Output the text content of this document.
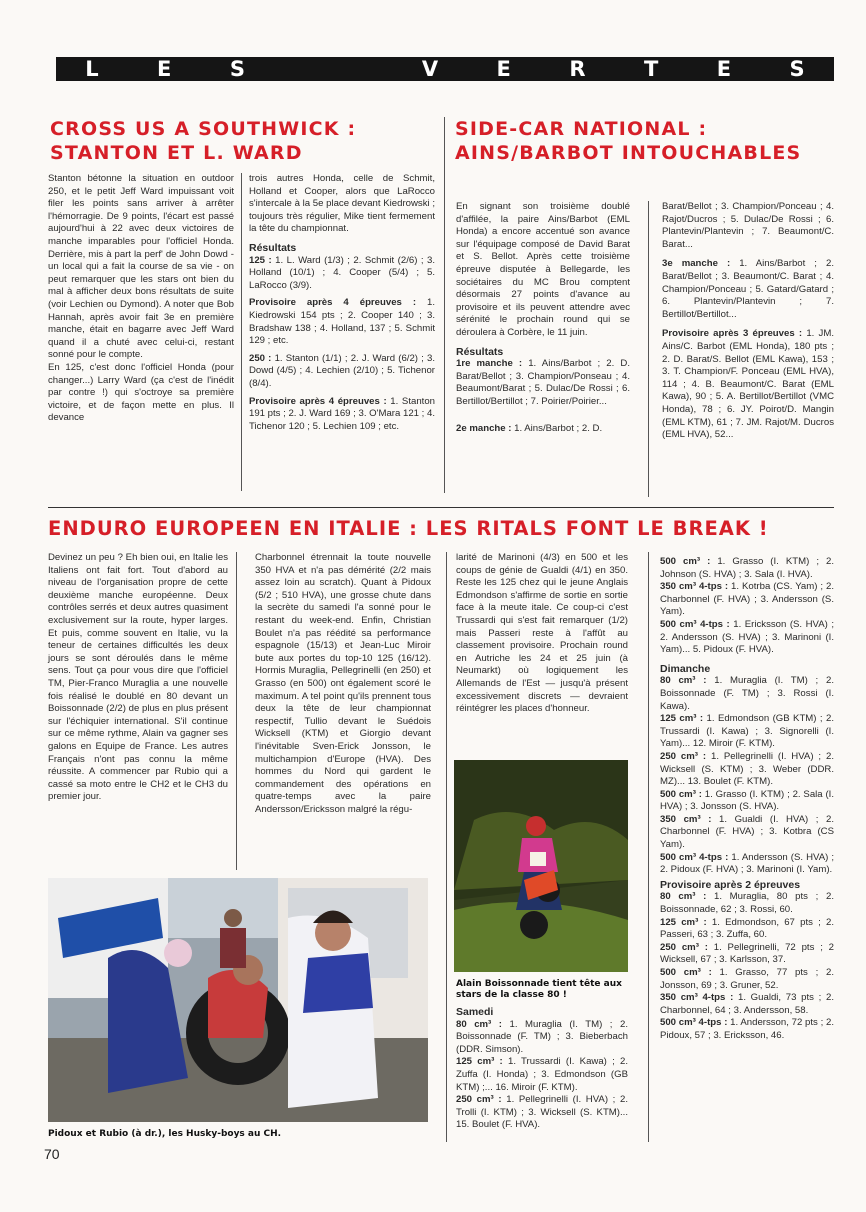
L	E	S	V	E	R	T	E	S

CROSS US A SOUTHWICK :

STANTON ET L. WARD

Stanton bétonne la situation en outdoor 250, et le petit Jeff Ward impuissant voit filer les points sans arriver à arrêter l'hémorragie. De 9 points, l'écart est passé aujourd'hui à 22 avec deux victoires de manche imparables pour l'officiel Honda. Derrière, mis à part la perf' de John Dowd - un local qui a fait la course de sa vie - on peut remarquer que les stars ont bien du mal à afficher deux bons résultats de suite (voir Lechien ou Dymond). A noter que Bob Hannah, après avoir fait 3e en première manche, était en bagarre avec Jeff Ward quand il a chuté avec celui-ci, restant sonné pour le compte.

En 125, c'est donc l'officiel Honda (pour changer...) Larry Ward (ça c'est de l'inédit par contre !) qui s'octroye sa première victoire, et de façon mette en plus. Il devance

trois autres Honda, celle de Schmit, Holland et Cooper, alors que LaRocco s'intercale à la 5e place devant Kiedrowski ; toujours très régulier, Mike tient fermement la tête du championnat.

Résultats

125 : 1. L. Ward (1/3) ; 2. Schmit (2/6) ; 3. Holland (10/1) ; 4. Cooper (5/4) ; 5. LaRocco (3/9).

Provisoire après 4 épreuves : 1. Kiedrowski 154 pts ; 2. Cooper 140 ; 3. Bradshaw 138 ; 4. Holland, 137 ; 5. Schmit 129 ; etc.

250 : 1. Stanton (1/1) ; 2. J. Ward (6/2) ; 3. Dowd (4/5) ; 4. Lechien (2/10) ; 5. Tichenor (8/4).

Provisoire après 4 épreuves : 1. Stanton 191 pts ; 2. J. Ward 169 ; 3. O'Mara 121 ; 4. Tichenor 120 ; 5. Lechien 109 ; etc.

SIDE-CAR NATIONAL :

AINS/BARBOT INTOUCHABLES

En signant son troisième doublé d'affilée, la paire Ains/Barbot (EML Honda) a encore accentué son avance sur l'équipage composé de David Barat et S. Bellot. Après cette troisième épreuve disputée à Bellegarde, les sociétaires du MC Brou comptent désormais 27 points d'avance au provisoire et ils peuvent attendre avec sérénité le prochain round qui se déroulera à Corbère, le 11 juin.

Résultats

1re manche : 1. Ains/Barbot ; 2. D. Barat/Bellot ; 3. Champion/Ponseau ; 4. Beaumont/Barat ; 5. Dulac/De Rossi ; 6. Bertillot/Bertillot ; 7. Poirier/Poirier...

2e manche : 1. Ains/Barbot ; 2. D.

Barat/Bellot ; 3. Champion/Ponceau ; 4. Rajot/Ducros ; 5. Dulac/De Rossi ; 6. Plantevin/Plantevin ; 7. Beaumont/C. Barat...

3e manche : 1. Ains/Barbot ; 2. Barat/Bellot ; 3. Beaumont/C. Barat ; 4. Champion/Ponceau ; 5. Gatard/Gatard ; 6. Plantevin/Plantevin ; 7. Bertillot/Bertillot...

Provisoire après 3 épreuves : 1. JM. Ains/C. Barbot (EML Honda), 180 pts ; 2. D. Barat/S. Bellot (EML Kawa), 153 ; 3. T. Champion/F. Ponceau (EML HVA), 114 ; 4. B. Beaumont/C. Barat (EML Kawa), 90 ; 5. A. Bertillot/Bertillot (VMC Honda), 78 ; 6. JY. Poirot/D. Mangin (EML KTM), 61 ; 7. JM. Rajot/M. Ducros (EML HVA), 52...

ENDURO EUROPEEN EN ITALIE : LES RITALS FONT LE BREAK !

Devinez un peu ? Eh bien oui, en Italie les Italiens ont fait fort. Tout d'abord au niveau de l'organisation propre de cette deuxième manche européenne. Deux contrôles serrés et deux autres quasiment exclusivement sur la route, hyper larges. Et puis, comme souvent en Italie, vu la teneur de certaines difficultés les deux jours se sont déroulés dans le même sens. Tout ça pour vous dire que l'officiel TM, Pier-Franco Muraglia a une nouvelle fois réalisé le doublé en 80 devant un Boissonnade (2/2) de plus en plus présent sur l'échiquier international. S'il continue sur ce même rythme, Alain va gagner ses galons en Equipe de France. Les autres Français n'ont pas connu la même réussite. A commencer par Rubio qui a cassé sa moto entre le CH2 et le CH3 du premier jour.

Charbonnel étrennait la toute nouvelle 350 HVA et n'a pas démérité (2/2 mais assez loin au scratch). Quant à Pidoux (5/2 ; 510 HVA), une grosse chute dans la secrète du samedi l'a sonné pour le restant du week-end. Enfin, Christian Boulet n'a pas réédité sa performance espagnole (15/13) et Jean-Luc Miroir bute aux portes du top-10 125 (16/12). Hormis Muraglia, Pellegrinelli (en 250) et Grasso (en 500) ont également scoré le maximum. A tel point qu'ils prennent tous deux la tête de leur championnat respectif, Tullio devant le Suédois Wicksell (KTM) et Giorgio devant l'inévitable Sven-Erick Jonsson, le multichampion d'Europe (HVA). Des hommes du Nord qui gardent le commandement des opérations en quatre-temps avec la paire Andersson/Ericksson malgré la régu-

larité de Marinoni (4/3) en 500 et les coups de génie de Gualdi (4/1) en 350. Reste les 125 chez qui le jeune Anglais Edmondson s'affirme de sortie en sortie face à la meute itale. Ce coup-ci c'est Trussardi qui s'est fait remarquer (1/2) mais Passeri reste à l'affût au classement provisoire. Prochain round en Autriche les 24 et 25 juin (à Neumarkt) où logiquement les Allemands de l'Est — jusqu'à présent excessivement discrets — devraient réintégrer les places d'honneur.

Pidoux et Rubio (à dr.), les Husky-boys au CH.
Alain Boissonnade tient tête aux stars de la classe 80 !

Samedi

80 cm³ : 1. Muraglia (I. TM) ; 2. Boissonnade (F. TM) ; 3. Bieberbach (DDR. Simson).

125 cm³ : 1. Trussardi (I. Kawa) ; 2. Zuffa (I. Honda) ; 3. Edmondson (GB KTM) ;... 16. Miroir (F. KTM).

250 cm³ : 1. Pellegrinelli (I. HVA) ; 2. Trolli (I. KTM) ; 3. Wicksell (S. KTM)... 15. Boulet (F. HVA).

500 cm³ : 1. Grasso (I. KTM) ; 2. Johnson (S. HVA) ; 3. Sala (I. HVA).

350 cm³ 4-tps : 1. Kotrba (CS. Yam) ; 2. Charbonnel (F. HVA) ; 3. Andersson (S. Yam).

500 cm³ 4-tps : 1. Ericksson (S. HVA) ; 2. Andersson (S. HVA) ; 3. Marinoni (I. Yam)... 5. Pidoux (F. HVA).

Dimanche

80 cm³ : 1. Muraglia (I. TM) ; 2. Boissonnade (F. TM) ; 3. Rossi (I. Kawa).

125 cm³ : 1. Edmondson (GB KTM) ; 2. Trussardi (I. Kawa) ; 3. Signorelli (I. Yam)... 12. Miroir (F. KTM).

250 cm³ : 1. Pellegrinelli (I. HVA) ; 2. Wicksell (S. KTM) ; 3. Weber (DDR. MZ)... 13. Boulet (F. KTM).

500 cm³ : 1. Grasso (I. KTM) ; 2. Sala (I. HVA) ; 3. Jonsson (S. HVA).

350 cm³ : 1. Gualdi (I. HVA) ; 2. Charbonnel (F. HVA) ; 3. Kotbra (CS Yam).

500 cm³ 4-tps : 1. Andersson (S. HVA) ; 2. Pidoux (F. HVA) ; 3. Marinoni (I. Yam).

Provisoire après 2 épreuves

80 cm³ : 1. Muraglia, 80 pts ; 2. Boissonnade, 62 ; 3. Rossi, 60.

125 cm³ : 1. Edmondson, 67 pts ; 2. Passeri, 63 ; 3. Zuffa, 60.

250 cm³ : 1. Pellegrinelli, 72 pts ; 2 Wicksell, 67 ; 3. Karlsson, 37.

500 cm³ : 1. Grasso, 77 pts ; 2. Jonsson, 69 ; 3. Gruner, 52.

350 cm³ 4-tps : 1. Gualdi, 73 pts ; 2. Charbonnel, 64 ; 3. Andersson, 58.

500 cm³ 4-tps : 1. Andersson, 72 pts ; 2. Pidoux, 57 ; 3. Ericksson, 46.

70
